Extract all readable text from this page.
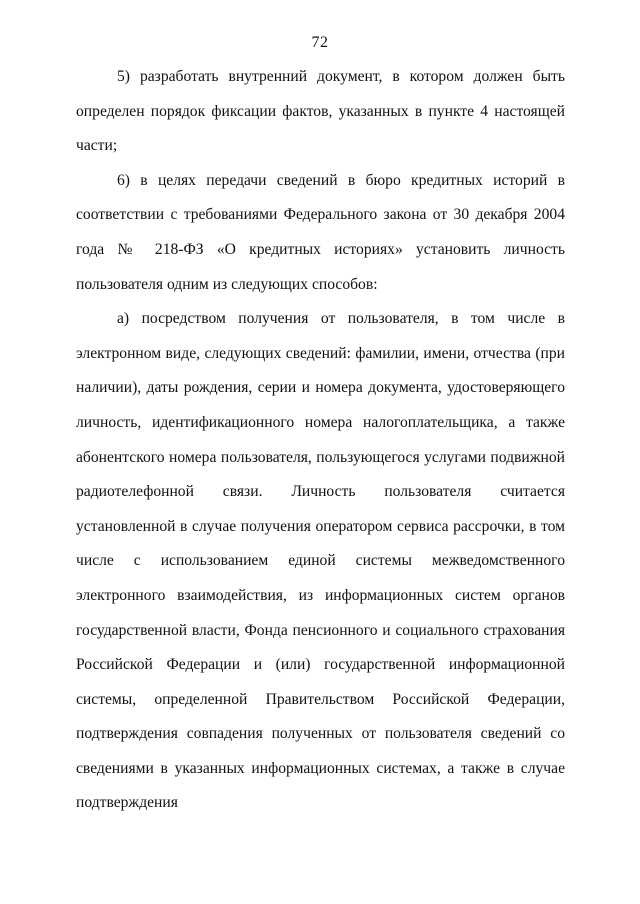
72

5) разработать внутренний документ, в котором должен быть определен порядок фиксации фактов, указанных в пункте 4 настоящей части;

6) в целях передачи сведений в бюро кредитных историй в соответствии с требованиями Федерального закона от 30 декабря 2004 года № 218-ФЗ «О кредитных историях» установить личность пользователя одним из следующих способов:

а) посредством получения от пользователя, в том числе в электронном виде, следующих сведений: фамилии, имени, отчества (при наличии), даты рождения, серии и номера документа, удостоверяющего личность, идентификационного номера налогоплательщика, а также абонентского номера пользователя, пользующегося услугами подвижной радиотелефонной связи. Личность пользователя считается установленной в случае получения оператором сервиса рассрочки, в том числе с использованием единой системы межведомственного электронного взаимодействия, из информационных систем органов государственной власти, Фонда пенсионного и социального страхования Российской Федерации и (или) государственной информационной системы, определенной Правительством Российской Федерации, подтверждения совпадения полученных от пользователя сведений со сведениями в указанных информационных системах, а также в случае подтверждения
